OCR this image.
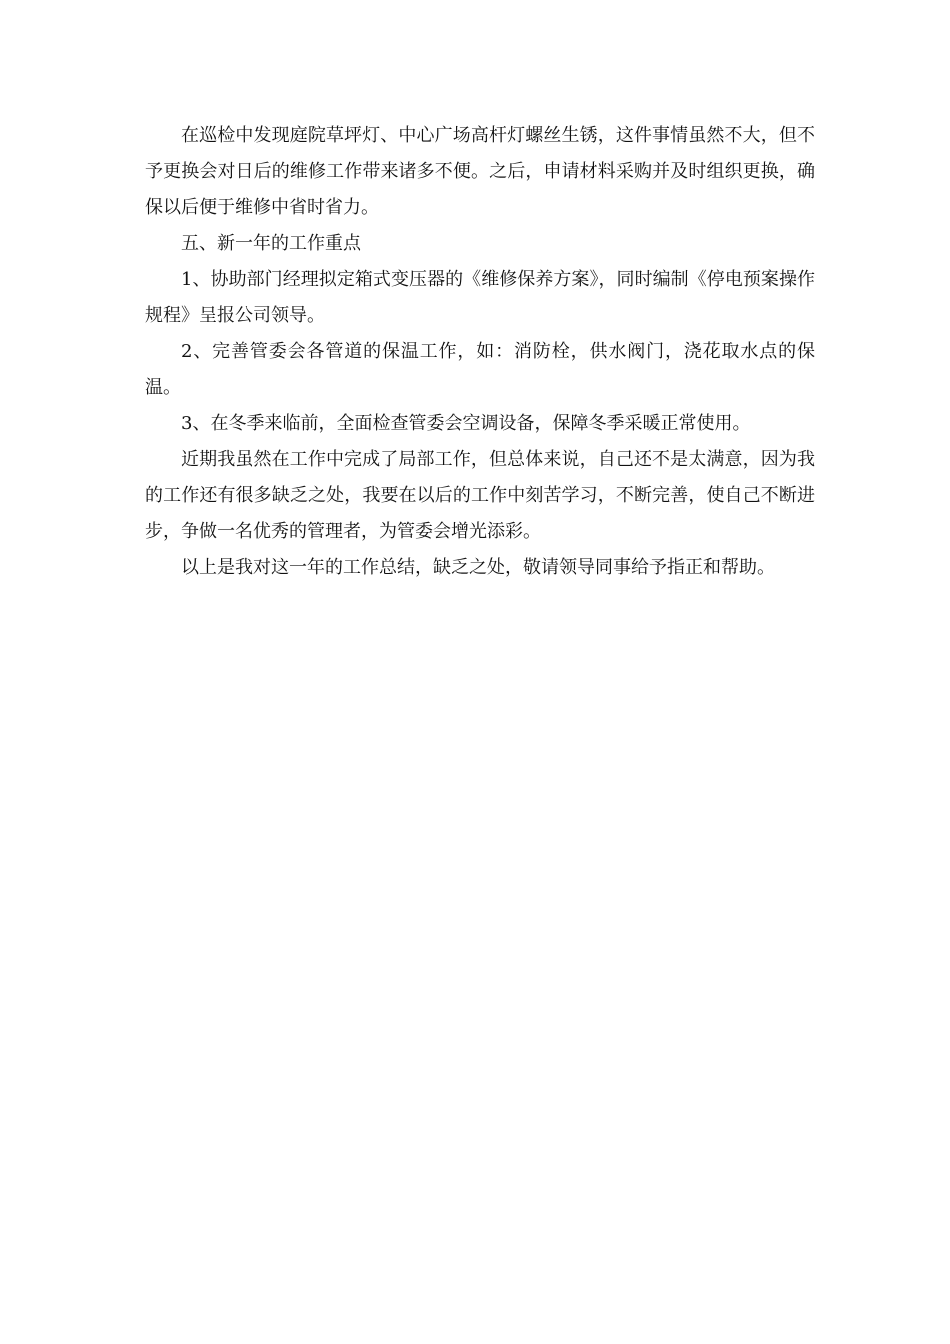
在巡检中发现庭院草坪灯、中心广场高杆灯螺丝生锈，这件事情虽然不大，但不予更换会对日后的维修工作带来诸多不便。之后，申请材料采购并及时组织更换，确保以后便于维修中省时省力。

五、新一年的工作重点

1、协助部门经理拟定箱式变压器的《维修保养方案》，同时编制《停电预案操作规程》呈报公司领导。

2、完善管委会各管道的保温工作，如：消防栓，供水阀门，浇花取水点的保温。

3、在冬季来临前，全面检查管委会空调设备，保障冬季采暖正常使用。

近期我虽然在工作中完成了局部工作，但总体来说，自己还不是太满意，因为我的工作还有很多缺乏之处，我要在以后的工作中刻苦学习，不断完善，使自己不断进步，争做一名优秀的管理者，为管委会增光添彩。

以上是我对这一年的工作总结，缺乏之处，敬请领导同事给予指正和帮助。
